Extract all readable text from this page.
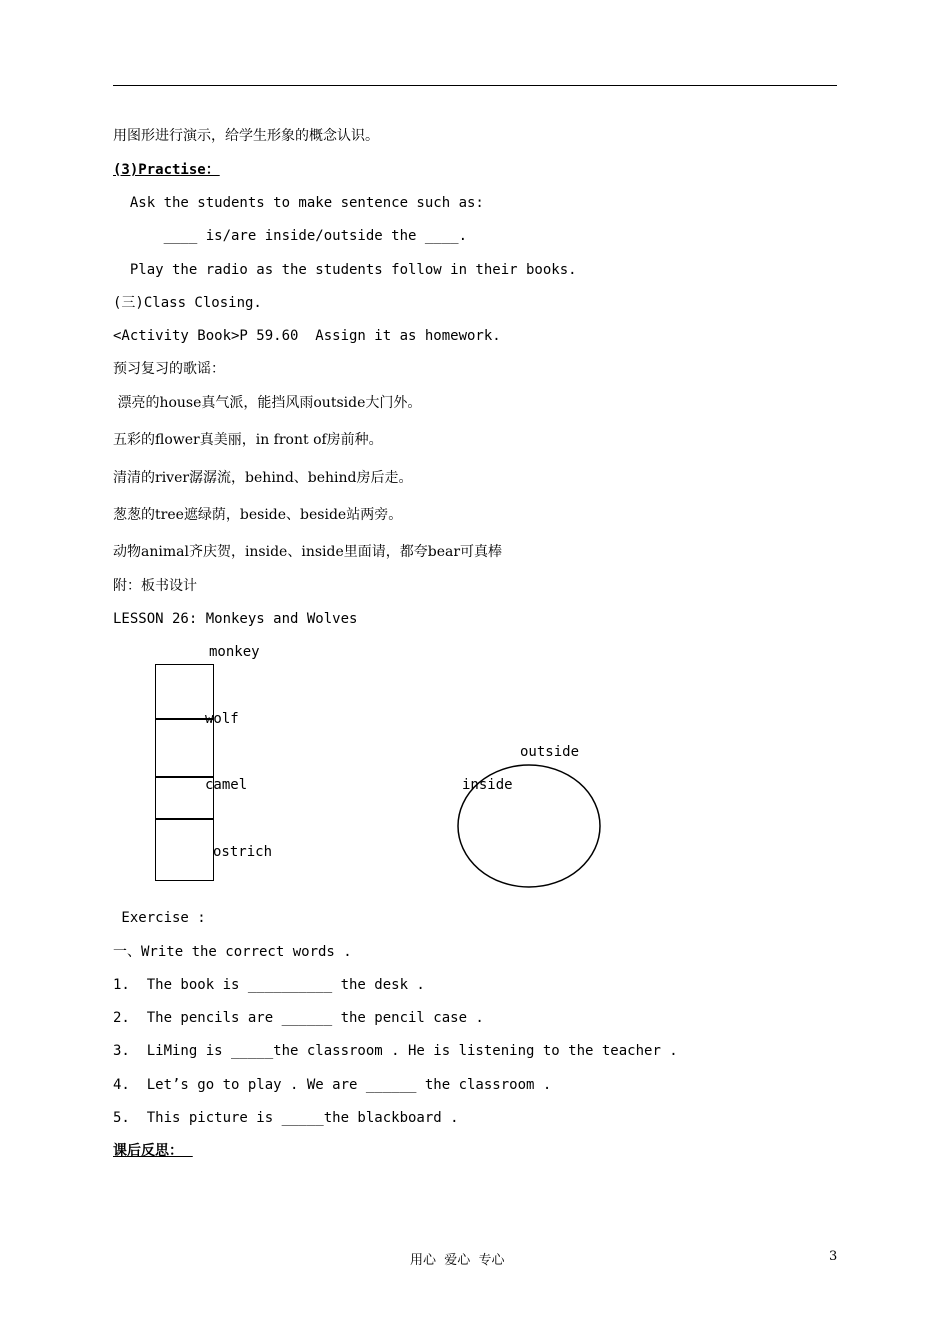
用图形进行演示，给学生形象的概念认识。
(3)Practise：
Ask the students to make sentence such as:
____ is/are inside/outside the ____.
Play the radio as the students follow in their books.
(三)Class Closing.
<Activity Book>P 59.60  Assign it as homework.
预习复习的歌谣：
漂亮的house真气派，能挡风雨outside大门外。
五彩的flower真美丽，in front of房前种。
清清的river潺潺流，behind、behind房后走。
葱葱的tree遮绿荫，beside、beside站两旁。
动物animal齐庆贺，inside、inside里面请，都夸bear可真棒
附：板书设计
LESSON 26: Monkeys and Wolves
monkey
wolf
camel
ostrich
outside
inside
Exercise :
一、Write the correct words .
1.  The book is __________ the desk .
2.  The pencils are ______ the pencil case .
3.  LiMing is _____the classroom . He is listening to the teacher .
4.  Let’s go to play . We are ______ the classroom .
5.  This picture is _____the blackboard .
课后反思：
用心  爱心  专心	3
